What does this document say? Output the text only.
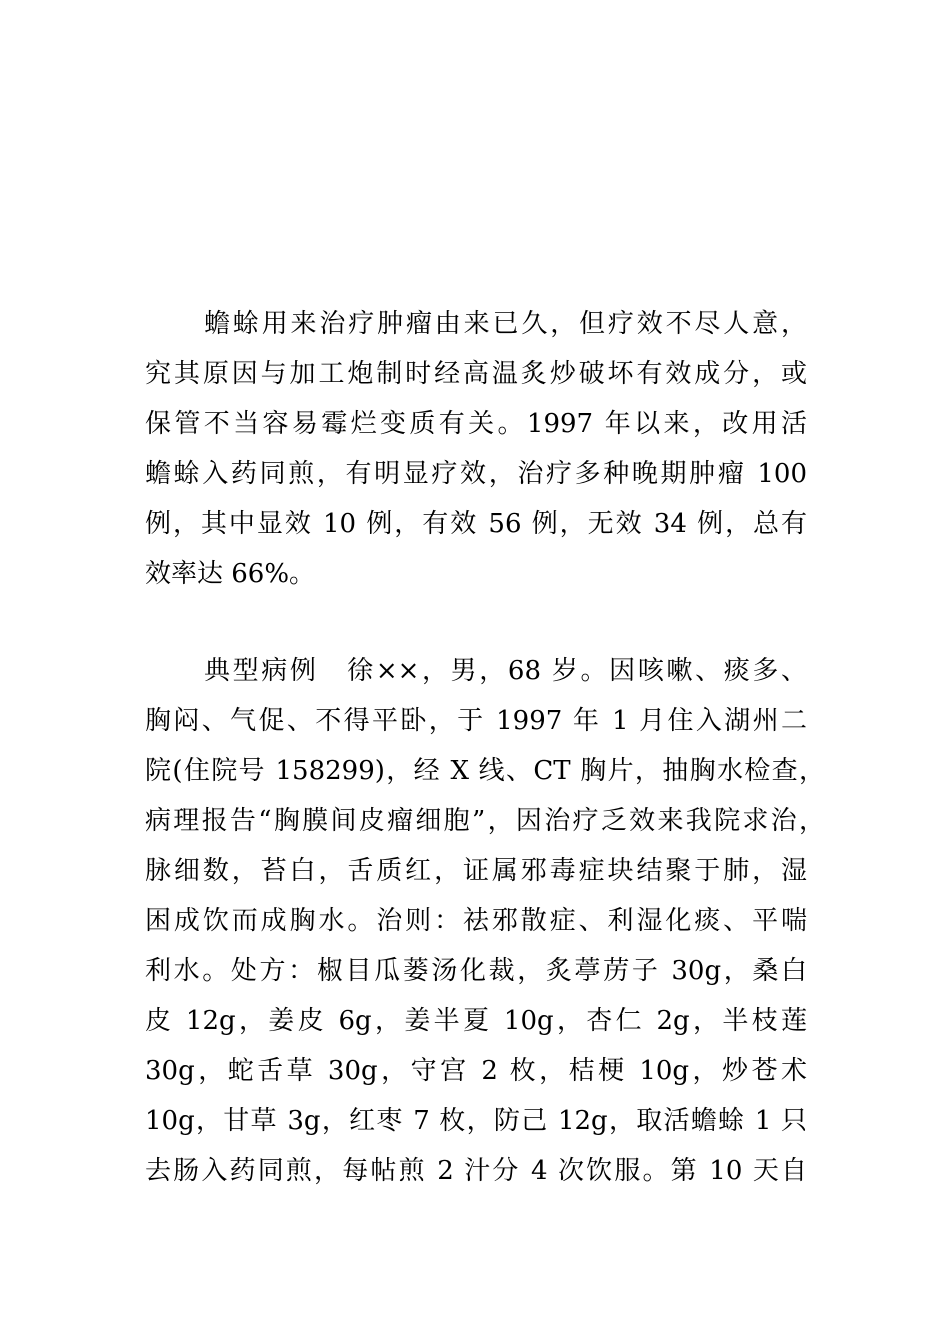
蟾蜍用来治疗肿瘤由来已久，但疗效不尽人意，
究其原因与加工炮制时经高温炙炒破坏有效成分，或
保管不当容易霉烂变质有关。1997 年以来，改用活
蟾蜍入药同煎，有明显疗效，治疗多种晚期肿瘤 100
例，其中显效 10 例，有效 56 例，无效 34 例，总有
效率达 66%。
典型病例　徐××，男，68 岁。因咳嗽、痰多、
胸闷、气促、不得平卧，于 1997 年 1 月住入湖州二
院(住院号 158299)，经 X 线、CT 胸片，抽胸水检查，
病理报告“胸膜间皮瘤细胞”，因治疗乏效来我院求治，
脉细数，苔白，舌质红，证属邪毒症块结聚于肺，湿
困成饮而成胸水。治则：祛邪散症、利湿化痰、平喘
利水。处方：椒目瓜蒌汤化裁，炙葶苈子 30g，桑白
皮 12g，姜皮 6g，姜半夏 10g，杏仁 2g，半枝莲
30g，蛇舌草 30g，守宫 2 枚，桔梗 10g，炒苍术
10g，甘草 3g，红枣 7 枚，防己 12g，取活蟾蜍 1 只
去肠入药同煎，每帖煎 2 汁分 4 次饮服。第 10 天自
